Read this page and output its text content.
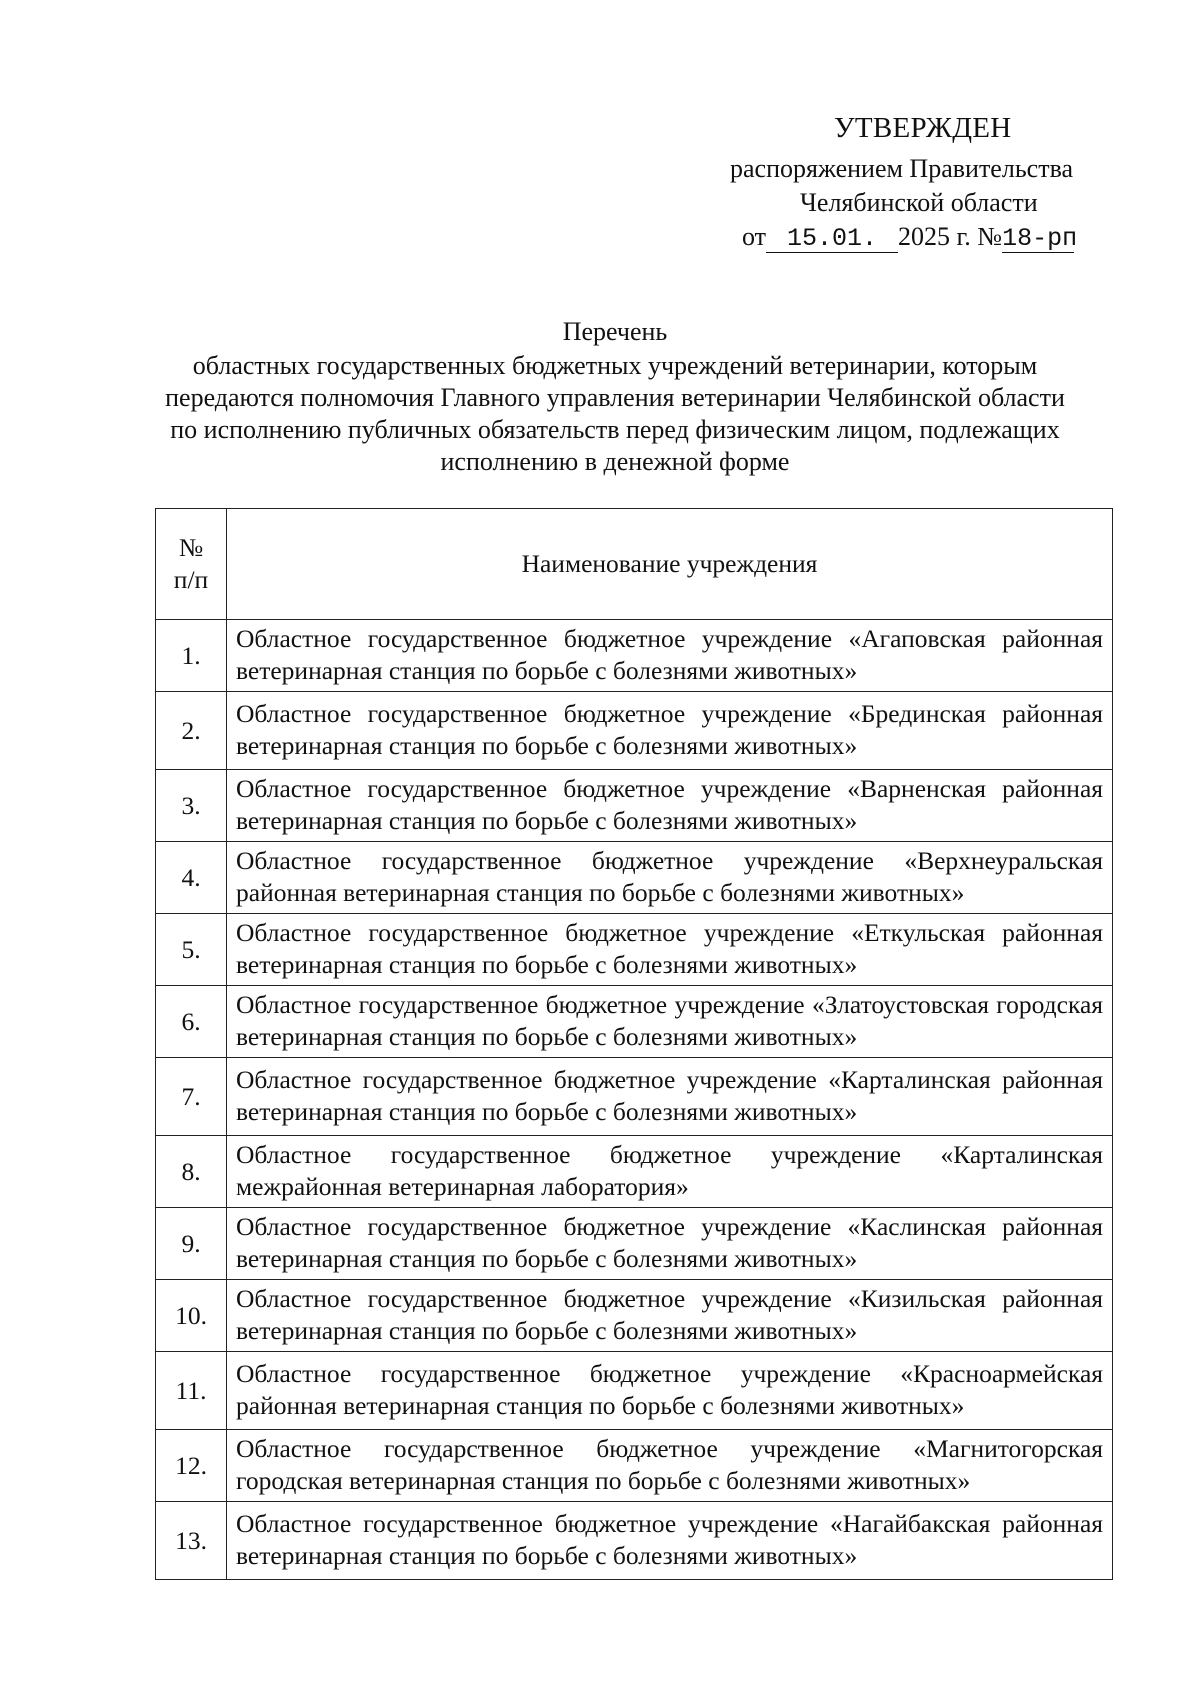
УТВЕРЖДЕН
распоряжением Правительства
Челябинской области
от 15.01. 2025 г. №18-рп
Перечень
областных государственных бюджетных учреждений ветеринарии, которым передаются полномочия Главного управления ветеринарии Челябинской области по исполнению публичных обязательств перед физическим лицом, подлежащих исполнению в денежной форме
№
п/п	Наименование учреждения
1.	Областное государственное бюджетное учреждение «Агаповская районная ветеринарная станция по борьбе с болезнями животных»
2.	Областное государственное бюджетное учреждение «Брединская районная ветеринарная станция по борьбе с болезнями животных»
3.	Областное государственное бюджетное учреждение «Варненская районная ветеринарная станция по борьбе с болезнями животных»
4.	Областное государственное бюджетное учреждение «Верхнеуральская районная ветеринарная станция по борьбе с болезнями животных»
5.	Областное государственное бюджетное учреждение «Еткульская районная ветеринарная станция по борьбе с болезнями животных»
6.	Областное государственное бюджетное учреждение «Златоустовская городская ветеринарная станция по борьбе с болезнями животных»
7.	Областное государственное бюджетное учреждение «Карталинская районная ветеринарная станция по борьбе с болезнями животных»
8.	Областное государственное бюджетное учреждение «Карталинская межрайонная ветеринарная лаборатория»
9.	Областное государственное бюджетное учреждение «Каслинская районная ветеринарная станция по борьбе с болезнями животных»
10.	Областное государственное бюджетное учреждение «Кизильская районная ветеринарная станция по борьбе с болезнями животных»
11.	Областное государственное бюджетное учреждение «Красноармейская районная ветеринарная станция по борьбе с болезнями животных»
12.	Областное государственное бюджетное учреждение «Магнитогорская городская ветеринарная станция по борьбе с болезнями животных»
13.	Областное государственное бюджетное учреждение «Нагайбакская районная ветеринарная станция по борьбе с болезнями животных»
